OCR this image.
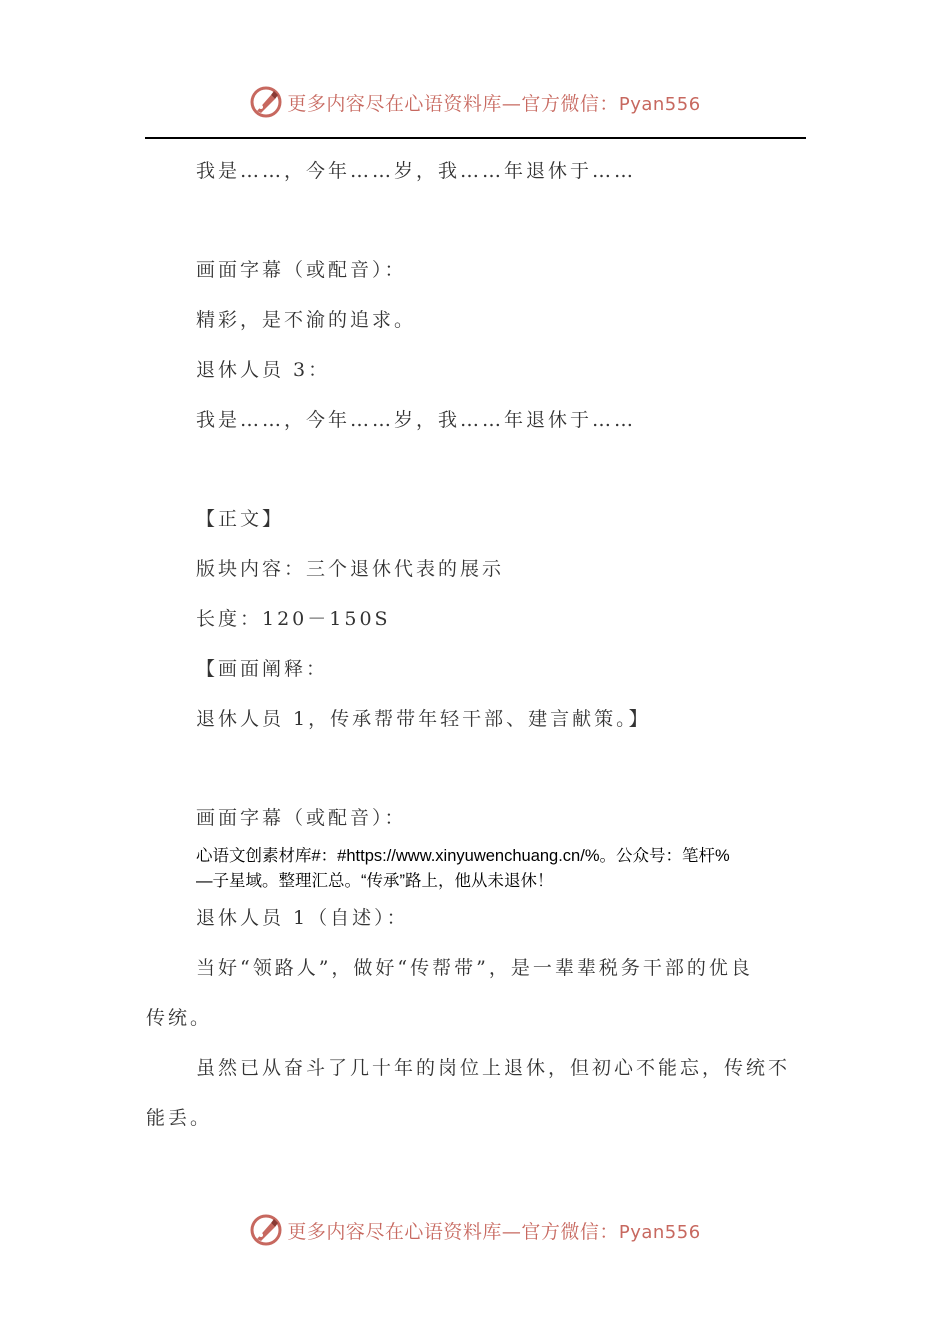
更多内容尽在心语资料库—官方微信：Pyan556
我是……，今年……岁，我……年退休于……
画面字幕（或配音）：
精彩，是不渝的追求。
退休人员 3：
我是……，今年……岁，我……年退休于……
【正文】
版块内容：三个退休代表的展示
长度：120－150S
【画面阐释：
退休人员 1，传承帮带年轻干部、建言献策。】
画面字幕（或配音）：
心语文创素材库#：#https://www.xinyuwenchuang.cn/%。公众号：笔杆%
—子星域。整理汇总。“传承”路上，他从未退休！
退休人员 1（自述）：
当好“领路人”，做好“传帮带”，是一辈辈税务干部的优良
传统。
虽然已从奋斗了几十年的岗位上退休，但初心不能忘，传统不
能丢。
更多内容尽在心语资料库—官方微信：Pyan556
